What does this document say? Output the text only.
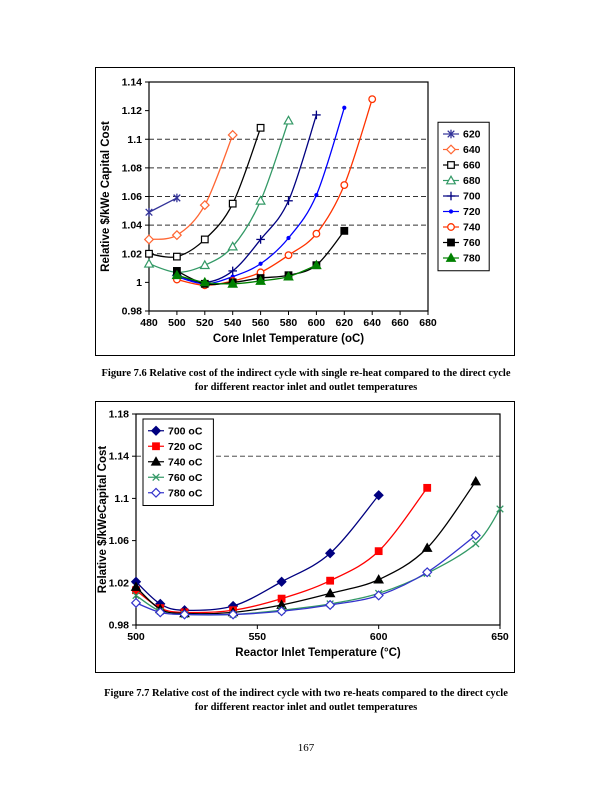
0.98
1
1.02
1.04
1.06
1.08
1.1
1.12
1.14
480 500 520 540 560 580 600 620 640 660 680
Core Inlet Temperature (oC)
Relative $/kWe Capital Cost	620
640
660
680
700
720
740
760
780
Figure 7.6 Relative cost of the indirect cycle with single re-heat compared to the direct cycle
for different reactor inlet and outlet temperatures
0.98
1.02
1.06
1.1
1.14
1.18
500	550	600	650
Reactor Inlet Temperature (°C)
Relative $/kWeCapital Cost
700 oC
720 oC
740 oC
760 oC
780 oC
Figure 7.7 Relative cost of the indirect cycle with two re-heats compared to the direct cycle
for different reactor inlet and outlet temperatures
167
